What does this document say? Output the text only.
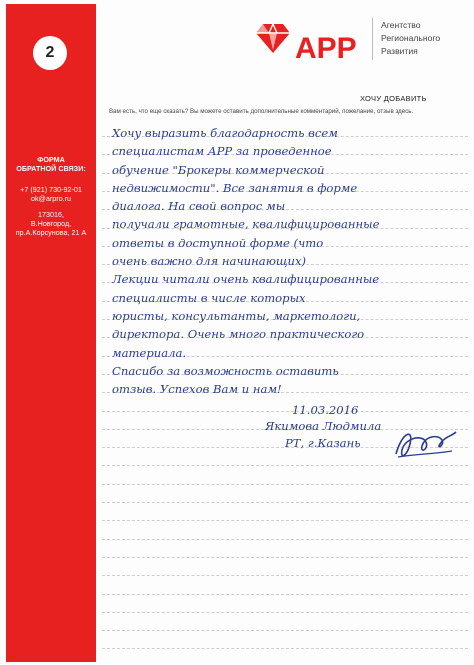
2
ФОРМА
ОБРАТНОЙ СВЯЗИ:
+7 (921) 730-92-01
ok@arpro.ru
173016,
В.Новгород,
пр.А.Корсунова, 21 А
АРР
Агентство
Регионального
Развития
ХОЧУ ДОБАВИТЬ
Вам есть, что еще сказать? Вы можете оставить дополнительные комментарий, пожелание, отзыв здесь.
Хочу выразить благодарность всем
специалистам АРР за проведенное
обучение "Брокеры коммерческой
недвижимости". Все занятия в форме
диалога. На свой вопрос мы
получали грамотные, квалифицированные
ответы в доступной форме (что
очень важно для начинающих)
Лекции читали очень квалифицированные
специалисты в числе которых
юристы, консультанты, маркетологи,
директора. Очень много практического
материала.
Спасибо за возможность оставить
отзыв. Успехов Вам и нам!
11.03.2016
Якимова Людмила
РТ, г.Казань
